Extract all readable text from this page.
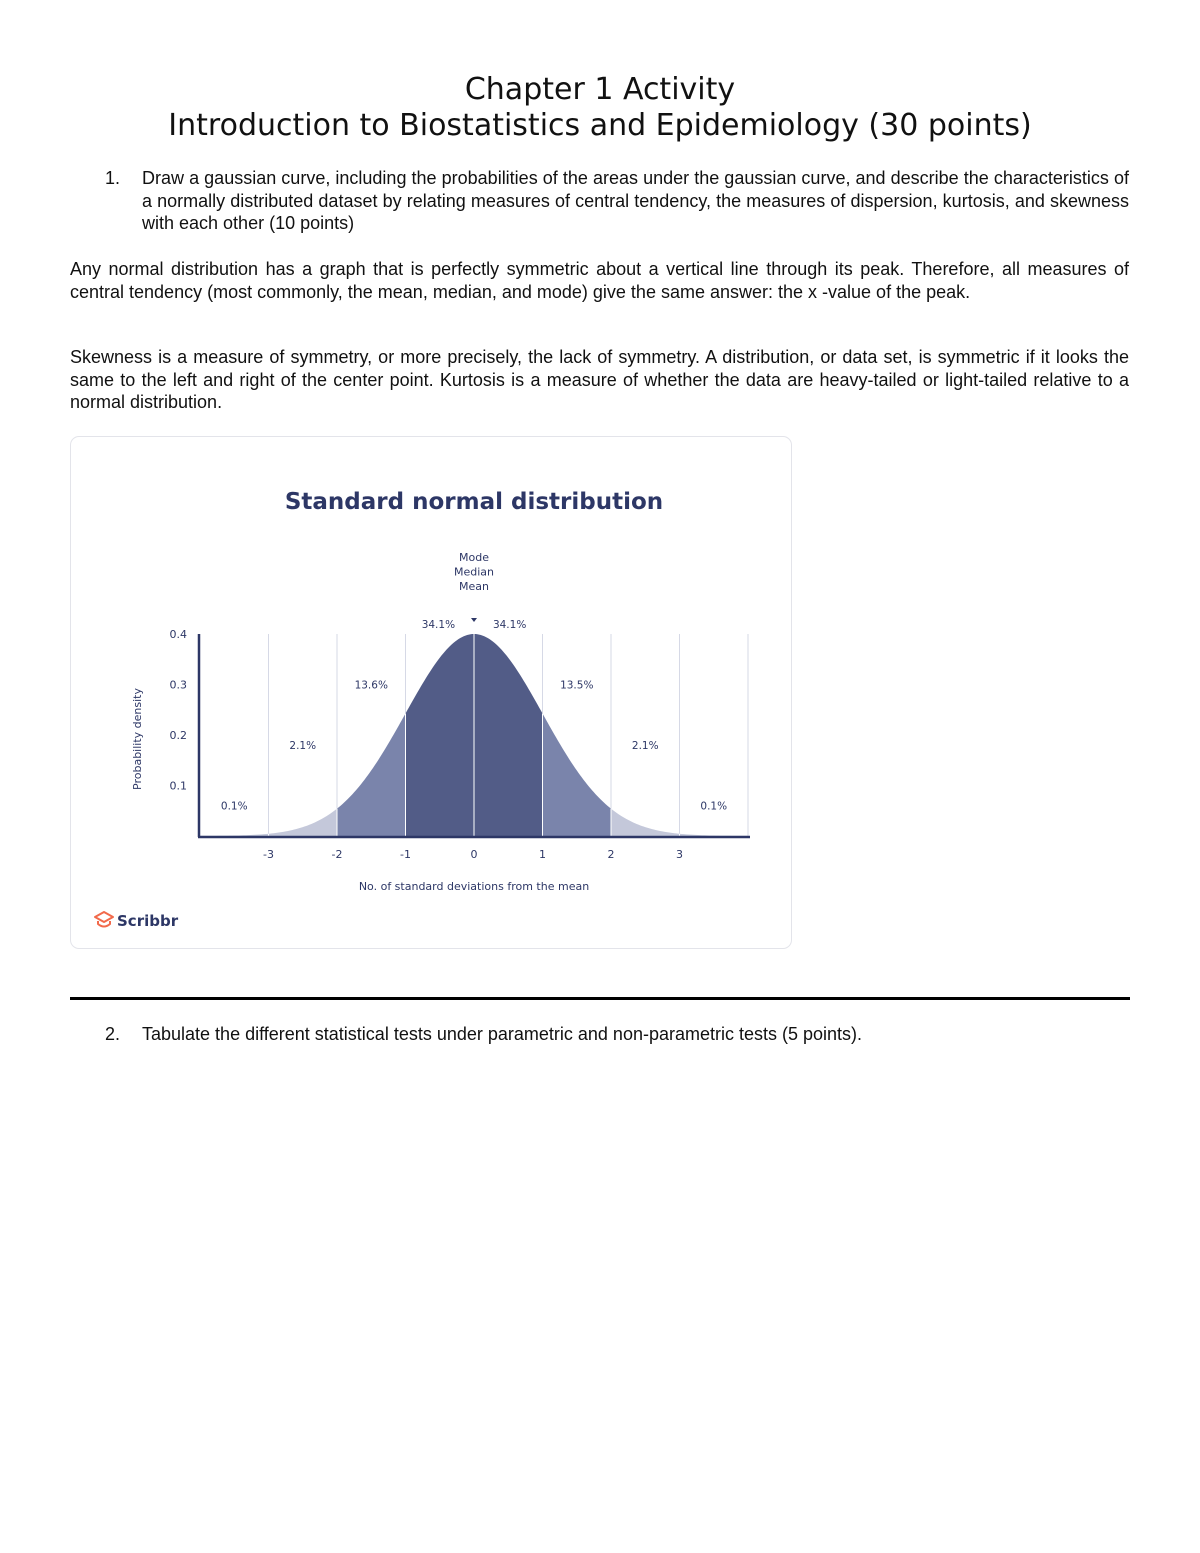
Chapter 1 Activity
Introduction to Biostatistics and Epidemiology (30 points)
1. Draw a gaussian curve, including the probabilities of the areas under the gaussian curve, and describe the characteristics of a normally distributed dataset by relating measures of central tendency, the measures of dispersion, kurtosis, and skewness with each other (10 points)
Any normal distribution has a graph that is perfectly symmetric about a vertical line through its peak. Therefore, all measures of central tendency (most commonly, the mean, median, and mode) give the same answer: the x -value of the peak.
Skewness is a measure of symmetry, or more precisely, the lack of symmetry. A distribution, or data set, is symmetric if it looks the same to the left and right of the center point. Kurtosis is a measure of whether the data are heavy-tailed or light-tailed relative to a normal distribution.
Standard normal distribution
Mode
Median
Mean
0.1
0.2
0.3
0.4
-3	-2	-1	0	1	2	3
0.1%
2.1%
13.6%
34.1%	34.1%
13.5%
2.1%
0.1%
Probability density
No. of standard deviations from the mean
Scribbr
2. Tabulate the different statistical tests under parametric and non-parametric tests (5 points).
